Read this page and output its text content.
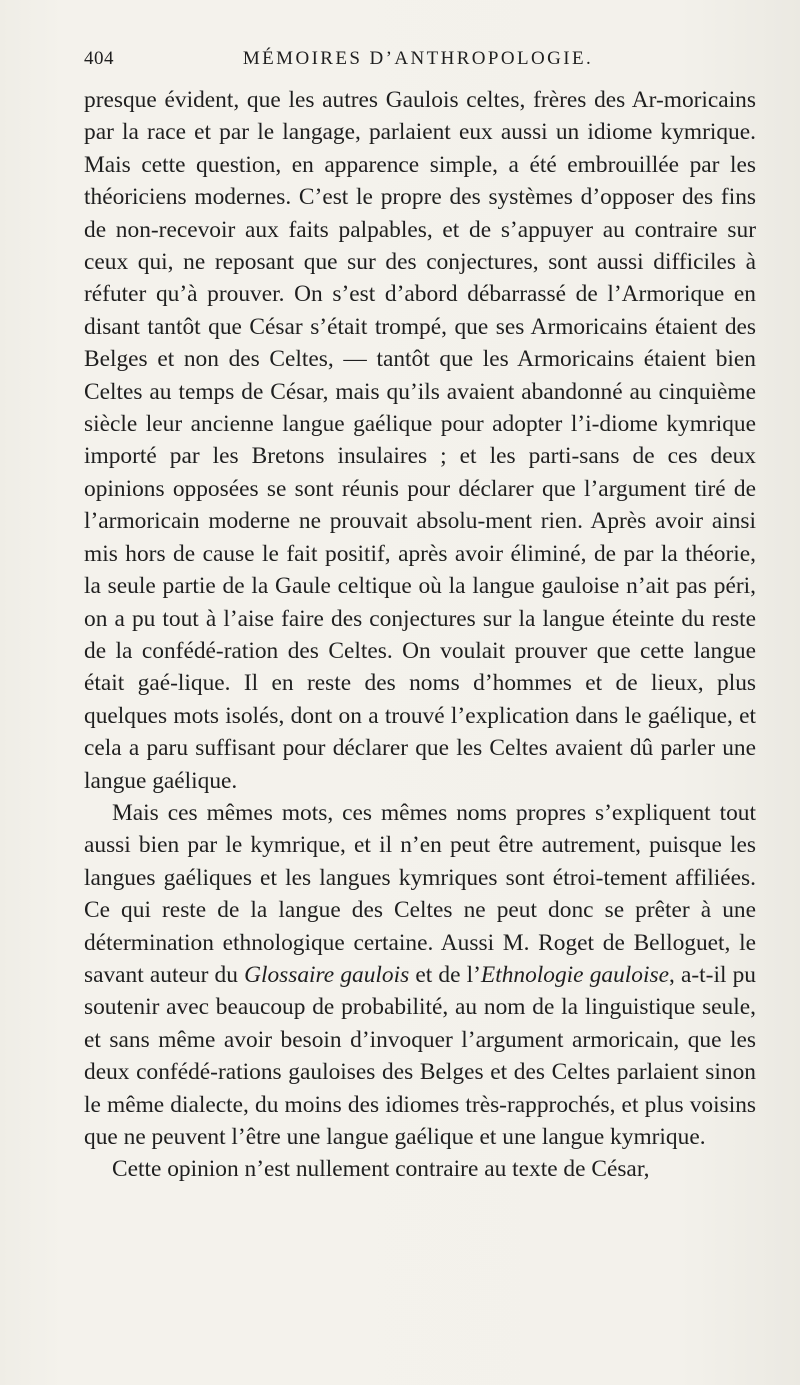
404	MÉMOIRES D’ANTHROPOLOGIE.

presque évident, que les autres Gaulois celtes, frères des Ar-moricains par la race et par le langage, parlaient eux aussi un idiome kymrique. Mais cette question, en apparence simple, a été embrouillée par les théoriciens modernes. C’est le propre des systèmes d’opposer des fins de non-recevoir aux faits palpables, et de s’appuyer au contraire sur ceux qui, ne reposant que sur des conjectures, sont aussi difficiles à réfuter qu’à prouver. On s’est d’abord débarrassé de l’Armorique en disant tantôt que César s’était trompé, que ses Armoricains étaient des Belges et non des Celtes, — tantôt que les Armoricains étaient bien Celtes au temps de César, mais qu’ils avaient abandonné au cinquième siècle leur ancienne langue gaélique pour adopter l’i-diome kymrique importé par les Bretons insulaires ; et les parti-sans de ces deux opinions opposées se sont réunis pour déclarer que l’argument tiré de l’armoricain moderne ne prouvait absolu-ment rien. Après avoir ainsi mis hors de cause le fait positif, après avoir éliminé, de par la théorie, la seule partie de la Gaule celtique où la langue gauloise n’ait pas péri, on a pu tout à l’aise faire des conjectures sur la langue éteinte du reste de la confédé-ration des Celtes. On voulait prouver que cette langue était gaé-lique. Il en reste des noms d’hommes et de lieux, plus quelques mots isolés, dont on a trouvé l’explication dans le gaélique, et cela a paru suffisant pour déclarer que les Celtes avaient dû parler une langue gaélique.

Mais ces mêmes mots, ces mêmes noms propres s’expliquent tout aussi bien par le kymrique, et il n’en peut être autrement, puisque les langues gaéliques et les langues kymriques sont étroi-tement affiliées. Ce qui reste de la langue des Celtes ne peut donc se prêter à une détermination ethnologique certaine. Aussi M. Roget de Belloguet, le savant auteur du Glossaire gaulois et de l’Ethnologie gauloise, a-t-il pu soutenir avec beaucoup de probabilité, au nom de la linguistique seule, et sans même avoir besoin d’invoquer l’argument armoricain, que les deux confédé-rations gauloises des Belges et des Celtes parlaient sinon le même dialecte, du moins des idiomes très-rapprochés, et plus voisins que ne peuvent l’être une langue gaélique et une langue kymrique.

Cette opinion n’est nullement contraire au texte de César,
